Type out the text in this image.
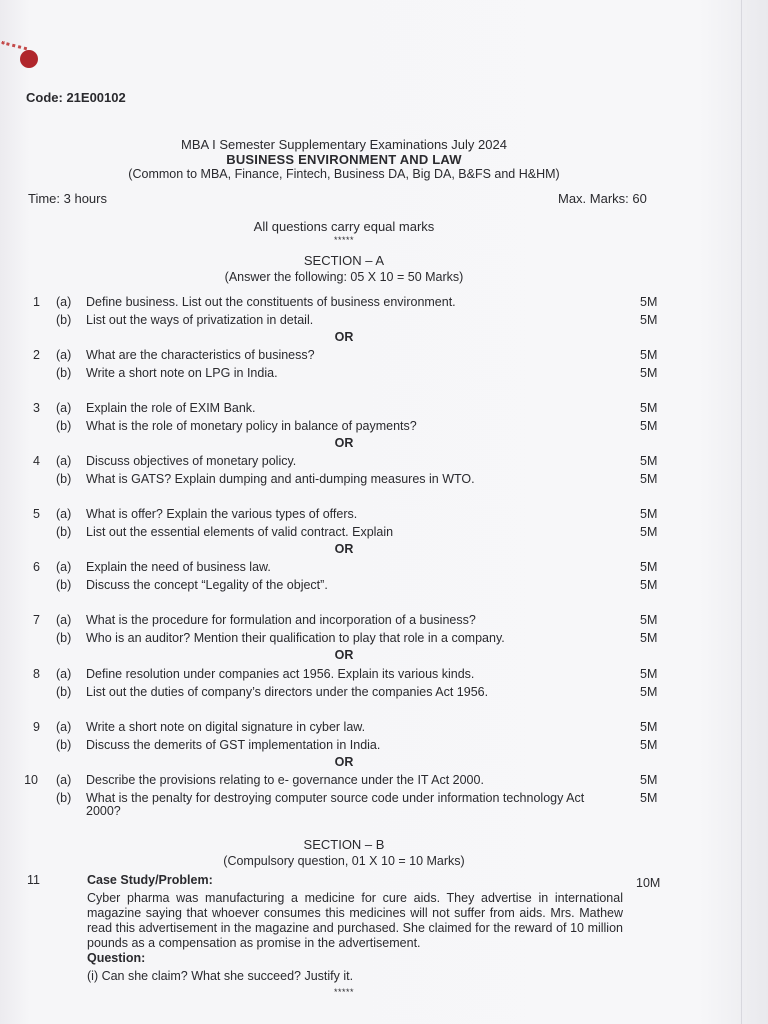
Code: 21E00102
MBA I Semester Supplementary Examinations July 2024
BUSINESS ENVIRONMENT AND LAW
(Common to MBA, Finance, Fintech, Business DA, Big DA, B&FS and H&HM)
Time: 3 hours	Max. Marks: 60
All questions carry equal marks
*****
SECTION – A
(Answer the following: 05 X 10 = 50 Marks)
1 (a) Define business. List out the constituents of business environment.	5M
(b) List out the ways of privatization in detail.	5M
OR
2 (a) What are the characteristics of business?	5M
(b) Write a short note on LPG in India.	5M
3 (a) Explain the role of EXIM Bank.	5M
(b) What is the role of monetary policy in balance of payments?	5M
OR
4 (a) Discuss objectives of monetary policy.	5M
(b) What is GATS? Explain dumping and anti-dumping measures in WTO.	5M
5 (a) What is offer? Explain the various types of offers.	5M
(b) List out the essential elements of valid contract. Explain	5M
OR
6 (a) Explain the need of business law.	5M
(b) Discuss the concept “Legality of the object”.	5M
7 (a) What is the procedure for formulation and incorporation of a business?	5M
(b) Who is an auditor? Mention their qualification to play that role in a company.	5M
OR
8 (a) Define resolution under companies act 1956. Explain its various kinds.	5M
(b) List out the duties of company’s directors under the companies Act 1956.	5M
9 (a) Write a short note on digital signature in cyber law.	5M
(b) Discuss the demerits of GST implementation in India.	5M
OR
10 (a) Describe the provisions relating to e- governance under the IT Act 2000.	5M
(b) What is the penalty for destroying computer source code under information technology Act
2000?
5M
SECTION – B
(Compulsory question, 01 X 10 = 10 Marks)
11	Case Study/Problem:	10M
Cyber pharma was manufacturing a medicine for cure aids. They advertise in international magazine saying that whoever consumes this medicines will not suffer from aids. Mrs. Mathew read this advertisement in the magazine and purchased. She claimed for the reward of 10 million pounds as a compensation as promise in the advertisement.
Question:
(i) Can she claim? What she succeed? Justify it.
*****
